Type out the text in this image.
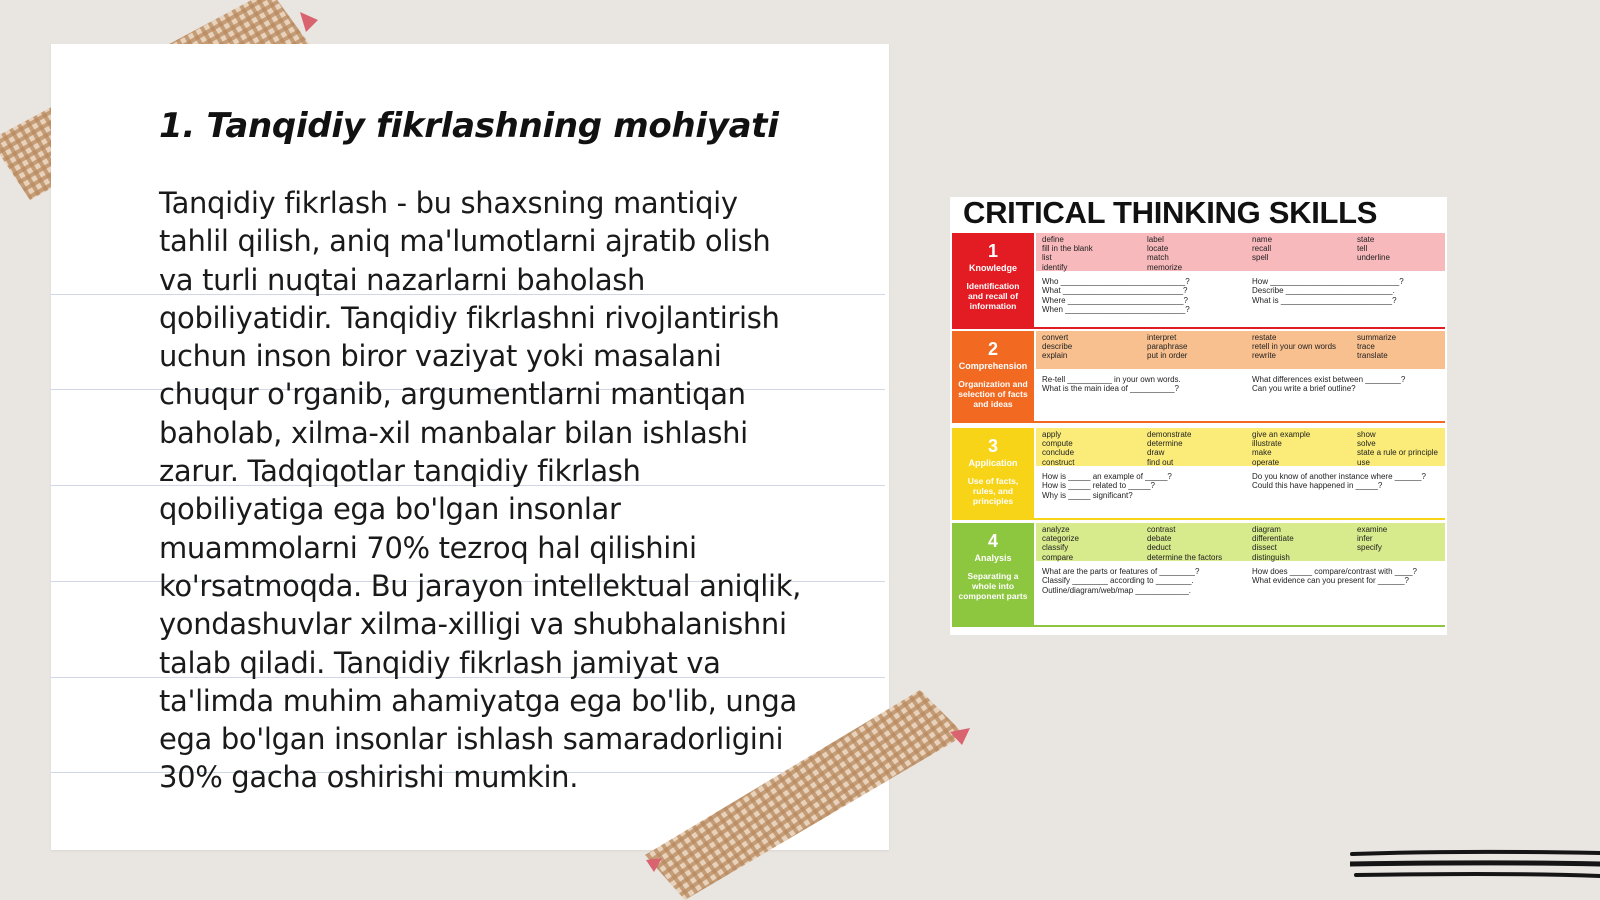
1. Tanqidiy fikrlashning mohiyati
Tanqidiy fikrlash - bu shaxsning mantiqiy
tahlil qilish, aniq ma'lumotlarni ajratib olish
va turli nuqtai nazarlarni baholash
qobiliyatidir. Tanqidiy fikrlashni rivojlantirish
uchun inson biror vaziyat yoki masalani
chuqur o'rganib, argumentlarni mantiqan
baholab, xilma-xil manbalar bilan ishlashi
zarur. Tadqiqotlar tanqidiy fikrlash
qobiliyatiga ega bo'lgan insonlar
muammolarni 70% tezroq hal qilishini
ko'rsatmoqda. Bu jarayon intellektual aniqlik,
yondashuvlar xilma-xilligi va shubhalanishni
talab qiladi. Tanqidiy fikrlash jamiyat va
ta'limda muhim ahamiyatga ega bo'lib, unga
ega bo'lgan insonlar ishlash samaradorligini
30% gacha oshirishi mumkin.
CRITICAL THINKING SKILLS
1
Knowledge
Identification and recall of information
define
fill in the blank
list
identify
label
locate
match
memorize
name
recall
spell
state
tell
underline
Who ____________________________?
What ___________________________?
Where __________________________?
When ___________________________?
How _____________________________?
Describe ________________________.
What is _________________________?
2
Comprehension
Organization and selection of facts and ideas
convert
describe
explain
interpret
paraphrase
put in order
restate
retell in your own words
rewrite
summarize
trace
translate
Re-tell __________ in your own words.
What is the main idea of __________?
What differences exist between ________?
Can you write a brief outline?
3
Application
Use of facts, rules, and principles
apply
compute
conclude
construct
demonstrate
determine
draw
find out
give an example
illustrate
make
operate
show
solve
state a rule or principle
use
How is _____ an example of _____?
How is _____ related to _____?
Why is _____ significant?
Do you know of another instance where ______?
Could this have happened in _____?
4
Analysis
Separating a whole into component parts
analyze
categorize
classify
compare
contrast
debate
deduct
determine the factors
diagram
differentiate
dissect
distinguish
examine
infer
specify
What are the parts or features of ________?
Classify ________ according to ________.
Outline/diagram/web/map ____________.
How does _____ compare/contrast with ____?
What evidence can you present for ______?
